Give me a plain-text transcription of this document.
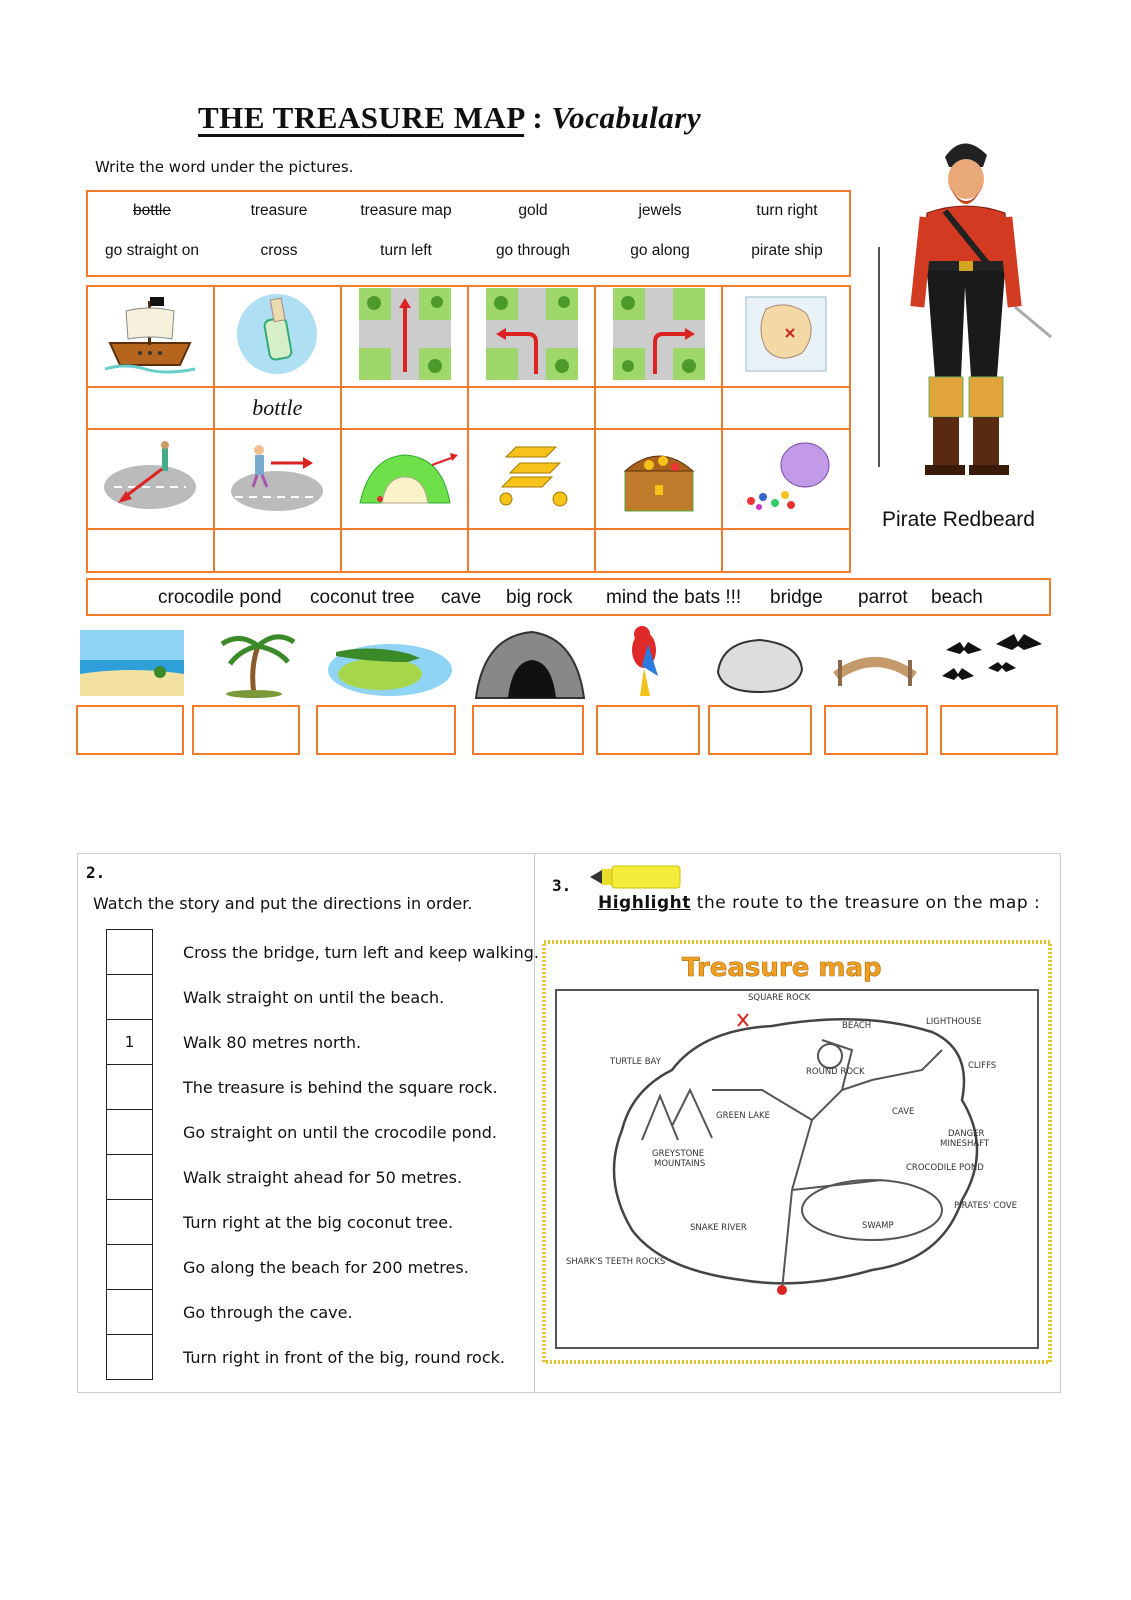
THE TREASURE MAP : Vocabulary
Write the word under the pictures.
bottle	treasure	treasure map	gold	jewels	turn right
go straight on	cross	turn left	go through	go along	pirate ship

	bottle				

Pirate Redbeard
crocodile pond coconut tree cave big rock mind the bats !!! bridge parrot beach
2.
Watch the story and put the directions in order.
	Cross the bridge, turn left and keep walking.
	Walk straight on until the beach.
1	Walk 80 metres north.
	The treasure is behind the square rock.
	Go straight on until the crocodile pond.
	Walk straight ahead for 50 metres.
	Turn right at the big coconut tree.
	Go along the beach for 200 metres.
	Go through the cave.
	Turn right in front of the big, round rock.
3.
Highlight the route to the treasure on the map :
Treasure map
SQUARE ROCK
BEACH	LIGHTHOUSE
TURTLE BAY	CLIFFS
ROUND ROCK
GREEN LAKE	CAVE
DANGER
MINESHAFT
GREYSTONE
MOUNTAINS	CROCODILE POND
PIRATES' COVE
SNAKE RIVER	SWAMP
SHARK'S TEETH ROCKS
